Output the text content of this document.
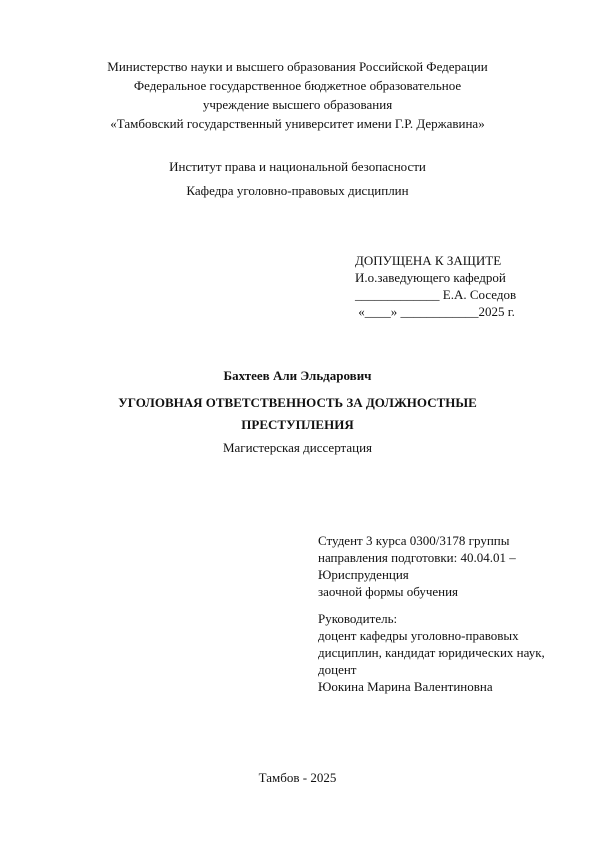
Министерство науки и высшего образования Российской Федерации
Федеральное государственное бюджетное образовательное
учреждение высшего образования
«Тамбовский государственный университет имени Г.Р. Державина»
Институт права и национальной безопасности
Кафедра уголовно-правовых дисциплин
ДОПУЩЕНА К ЗАЩИТЕ
И.о.заведующего кафедрой
_____________ Е.А. Соседов
«____» ____________2025 г.
Бахтеев Али Эльдарович
УГОЛОВНАЯ ОТВЕТСТВЕННОСТЬ ЗА ДОЛЖНОСТНЫЕ
ПРЕСТУПЛЕНИЯ
Магистерская диссертация
Студент 3 курса 0300/3178 группы
направления подготовки: 40.04.01 –
Юриспруденция
заочной формы обучения
Руководитель:
доцент кафедры уголовно-правовых
дисциплин, кандидат юридических наук,
доцент
Юокина Марина Валентиновна
Тамбов - 2025
